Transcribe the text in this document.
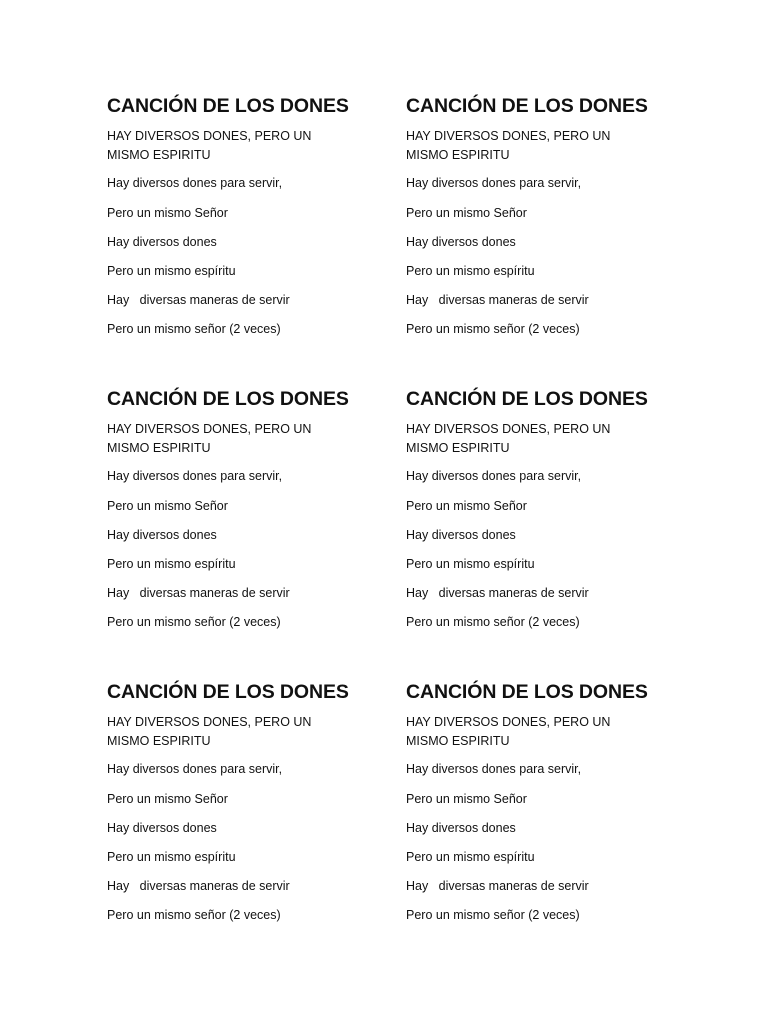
CANCIÓN DE LOS DONES

HAY DIVERSOS DONES, PERO UN MISMO ESPIRITU

Hay diversos dones para servir,

Pero un mismo Señor

Hay diversos dones

Pero un mismo espíritu

Hay   diversas maneras de servir

Pero un mismo señor (2 veces)

CANCIÓN DE LOS DONES

HAY DIVERSOS DONES, PERO UN MISMO ESPIRITU

Hay diversos dones para servir,

Pero un mismo Señor

Hay diversos dones

Pero un mismo espíritu

Hay   diversas maneras de servir

Pero un mismo señor (2 veces)

CANCIÓN DE LOS DONES

HAY DIVERSOS DONES, PERO UN MISMO ESPIRITU

Hay diversos dones para servir,

Pero un mismo Señor

Hay diversos dones

Pero un mismo espíritu

Hay   diversas maneras de servir

Pero un mismo señor (2 veces)

CANCIÓN DE LOS DONES

HAY DIVERSOS DONES, PERO UN MISMO ESPIRITU

Hay diversos dones para servir,

Pero un mismo Señor

Hay diversos dones

Pero un mismo espíritu

Hay   diversas maneras de servir

Pero un mismo señor (2 veces)

CANCIÓN DE LOS DONES

HAY DIVERSOS DONES, PERO UN MISMO ESPIRITU

Hay diversos dones para servir,

Pero un mismo Señor

Hay diversos dones

Pero un mismo espíritu

Hay   diversas maneras de servir

Pero un mismo señor (2 veces)

CANCIÓN DE LOS DONES

HAY DIVERSOS DONES, PERO UN MISMO ESPIRITU

Hay diversos dones para servir,

Pero un mismo Señor

Hay diversos dones

Pero un mismo espíritu

Hay   diversas maneras de servir

Pero un mismo señor (2 veces)
